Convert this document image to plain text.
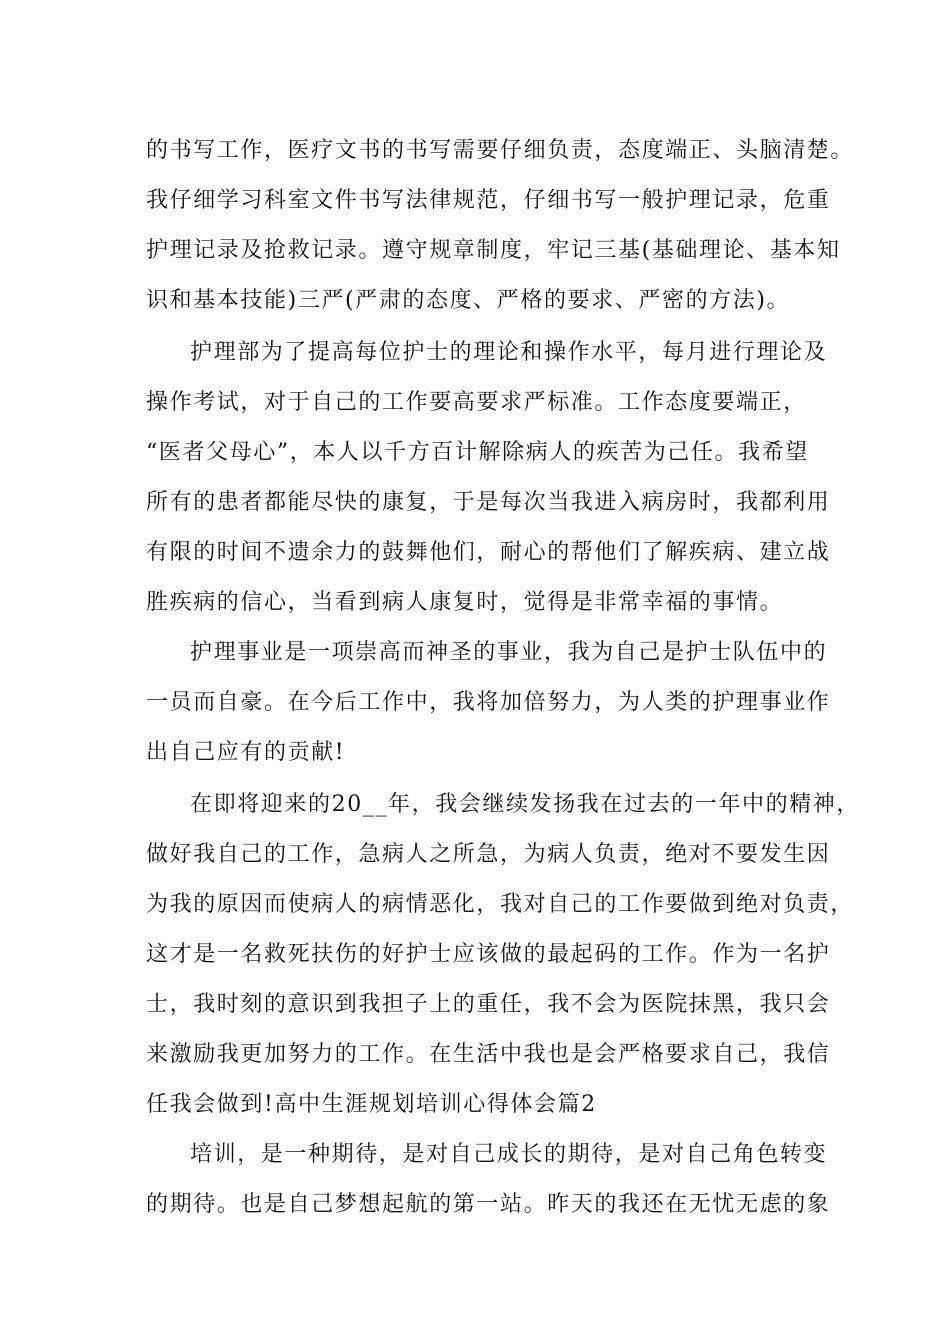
的书写工作，医疗文书的书写需要仔细负责，态度端正、头脑清楚。
我仔细学习科室文件书写法律规范，仔细书写一般护理记录，危重
护理记录及抢救记录。遵守规章制度，牢记三基(基础理论、基本知
识和基本技能)三严(严肃的态度、严格的要求、严密的方法)。
护理部为了提高每位护士的理论和操作水平，每月进行理论及
操作考试，对于自己的工作要高要求严标准。工作态度要端正，
“医者父母心”，本人以千方百计解除病人的疾苦为己任。我希望
所有的患者都能尽快的康复，于是每次当我进入病房时，我都利用
有限的时间不遗余力的鼓舞他们，耐心的帮他们了解疾病、建立战
胜疾病的信心，当看到病人康复时，觉得是非常幸福的事情。
护理事业是一项崇高而神圣的事业，我为自己是护士队伍中的
一员而自豪。在今后工作中，我将加倍努力，为人类的护理事业作
出自己应有的贡献!
在即将迎来的20__年，我会继续发扬我在过去的一年中的精神，
做好我自己的工作，急病人之所急，为病人负责，绝对不要发生因
为我的原因而使病人的病情恶化，我对自己的工作要做到绝对负责，
这才是一名救死扶伤的好护士应该做的最起码的工作。作为一名护
士，我时刻的意识到我担子上的重任，我不会为医院抹黑，我只会
来激励我更加努力的工作。在生活中我也是会严格要求自己，我信
任我会做到!高中生涯规划培训心得体会篇2
培训，是一种期待，是对自己成长的期待，是对自己角色转变
的期待。也是自己梦想起航的第一站。昨天的我还在无忧无虑的象
